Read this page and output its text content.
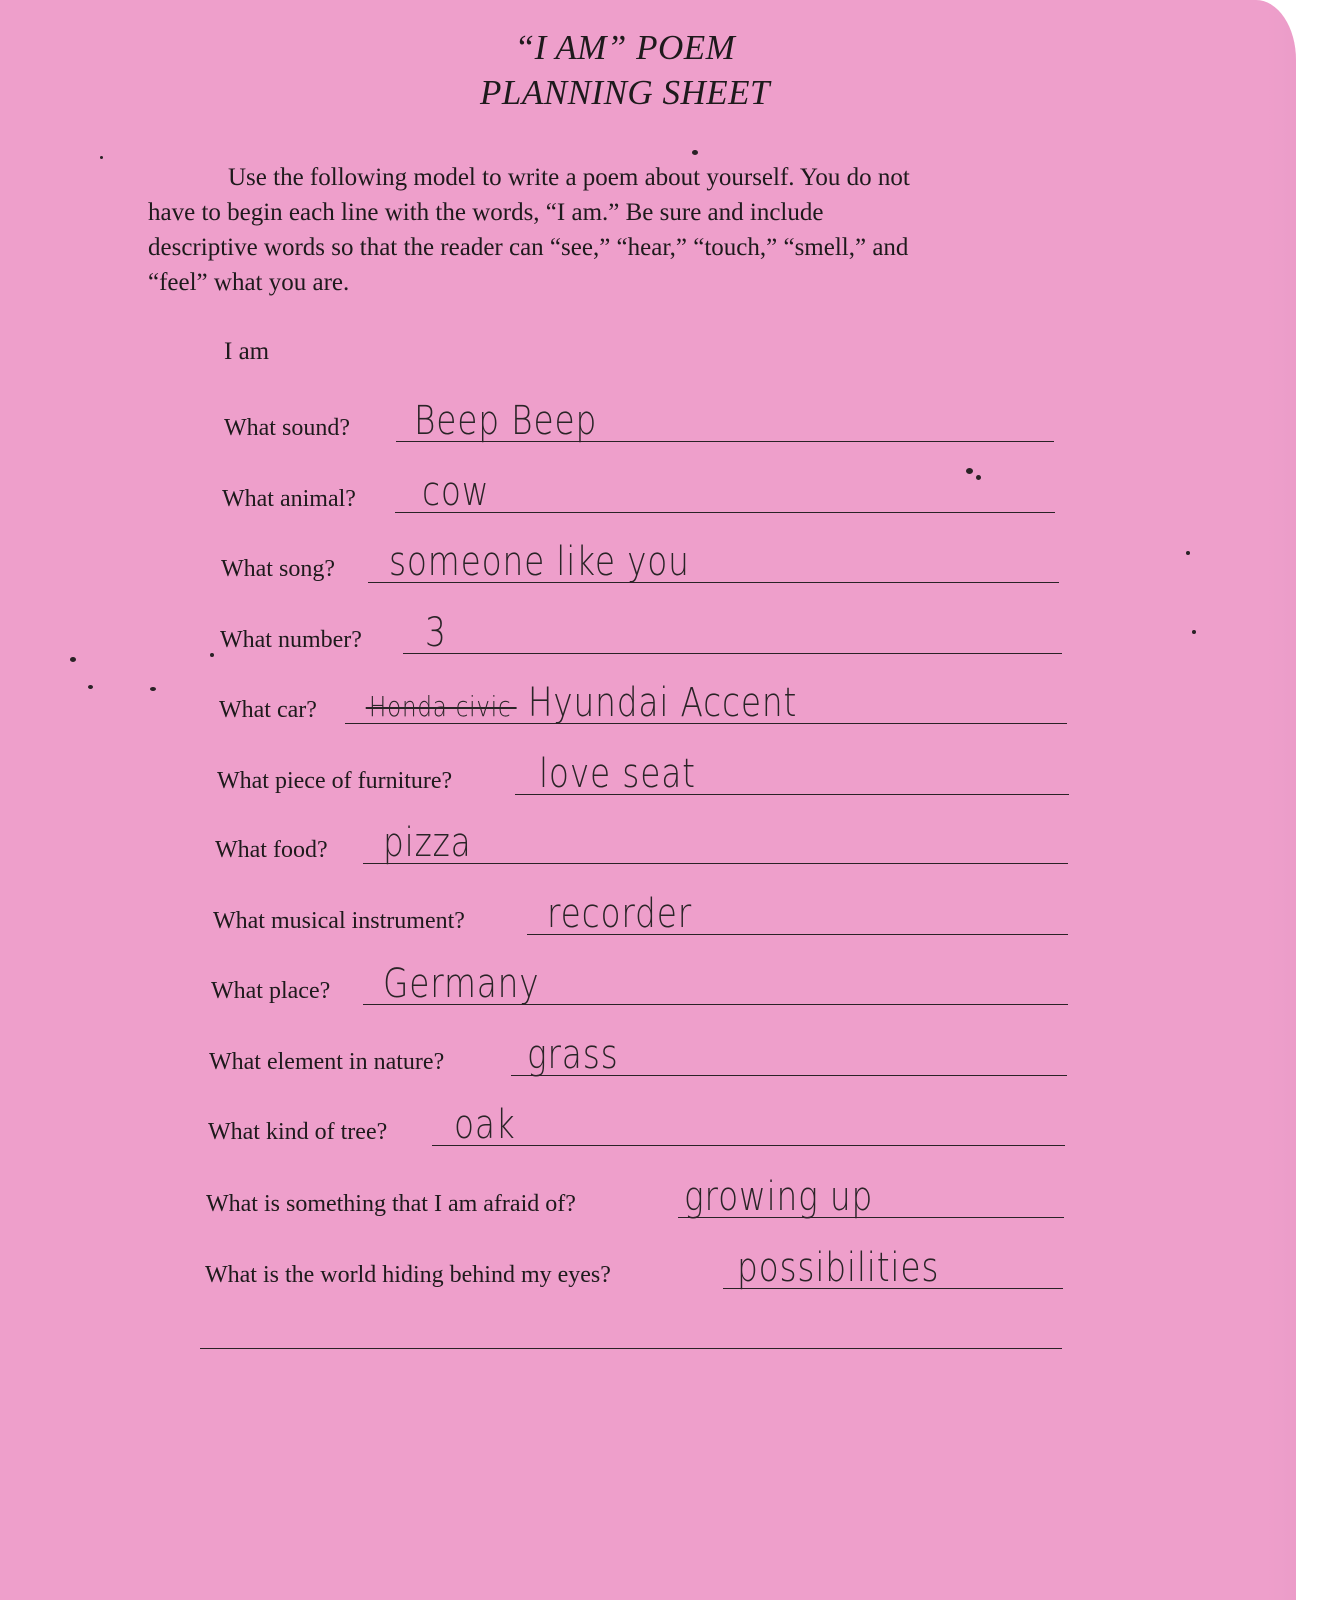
“I AM” POEM
PLANNING SHEET
Use the following model to write a poem about yourself. You do not
have to begin each line with the words, “I am.” Be sure and include
descriptive words so that the reader can “see,” “hear,” “touch,” “smell,” and
“feel” what you are.
I am
What sound? Beep Beep
What animal? cow
What song? someone like you
What number? 3
What car? Honda civic Hyundai Accent
What piece of furniture? love seat
What food? pizza
What musical instrument? recorder
What place? Germany
What element in nature? grass
What kind of tree? oak
What is something that I am afraid of?	growing up
What is the world hiding behind my eyes?	possibilities
